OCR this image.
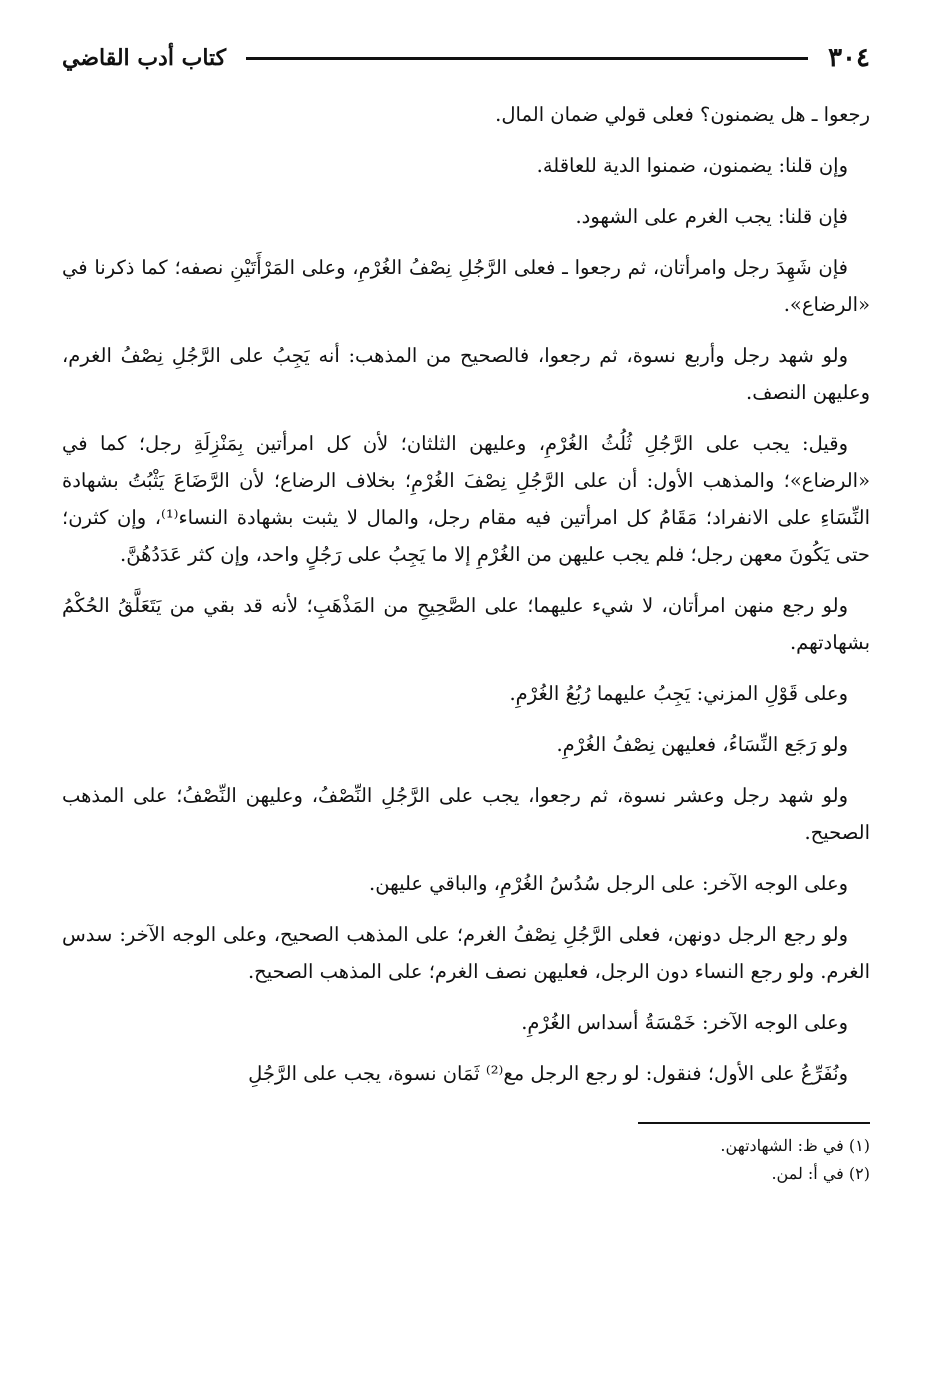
٣٠٤
كتاب أدب القاضي

رجعوا ـ هل يضمنون؟ فعلى قولي ضمان المال.

وإن قلنا: يضمنون، ضمنوا الدية للعاقلة.

فإن قلنا: يجب الغرم على الشهود.

فإن شَهِدَ رجل وامرأتان، ثم رجعوا ـ فعلى الرَّجُلِ نِصْفُ الغُرْمِ، وعلى المَرْأَتَيْنِ نصفه؛ كما ذكرنا في «الرضاع».

ولو شهد رجل وأربع نسوة، ثم رجعوا، فالصحيح من المذهب: أنه يَجِبُ على الرَّجُلِ نِصْفُ الغرم، وعليهن النصف.

وقيل: يجب على الرَّجُلِ ثُلُثُ الغُرْمِ، وعليهن الثلثان؛ لأن كل امرأتين بِمَنْزِلَةِ رجل؛ كما في «الرضاع»؛ والمذهب الأول: أن على الرَّجُلِ نِصْفَ الغُرْمِ؛ بخلاف الرضاع؛ لأن الرَّضَاعَ يَثْبُتُ بشهادة النِّسَاءِ على الانفراد؛ مَقَامُ كل امرأتين فيه مقام رجل، والمال لا يثبت بشهادة النساء⁽¹⁾، وإن كثرن؛ حتى يَكُونَ معهن رجل؛ فلم يجب عليهن من الغُرْمِ إلا ما يَجِبُ على رَجُلٍ واحد، وإن كثر عَدَدُهُنَّ.

ولو رجع منهن امرأتان، لا شيء عليهما؛ على الصَّحِيحِ من المَذْهَبِ؛ لأنه قد بقي من يَتَعَلَّقُ الحُكْمُ بشهادتهم.

وعلى قَوْلِ المزني: يَجِبُ عليهما رُبُعُ الغُرْمِ.

ولو رَجَع النِّسَاءُ، فعليهن نِصْفُ الغُرْمِ.

ولو شهد رجل وعشر نسوة، ثم رجعوا، يجب على الرَّجُلِ النِّصْفُ، وعليهن النِّصْفُ؛ على المذهب الصحيح.

وعلى الوجه الآخر: على الرجل سُدُسُ الغُرْمِ، والباقي عليهن.

ولو رجع الرجل دونهن، فعلى الرَّجُلِ نِصْفُ الغرم؛ على المذهب الصحيح، وعلى الوجه الآخر: سدس الغرم. ولو رجع النساء دون الرجل، فعليهن نصف الغرم؛ على المذهب الصحيح.

وعلى الوجه الآخر: خَمْسَةُ أسداس الغُرْمِ.

ونُفَرِّعُ على الأول؛ فنقول: لو رجع الرجل مع⁽²⁾ ثَمَان نسوة، يجب على الرَّجُلِ

(١) في ظ: الشهادتهن.

(٢) في أ: لمن.
